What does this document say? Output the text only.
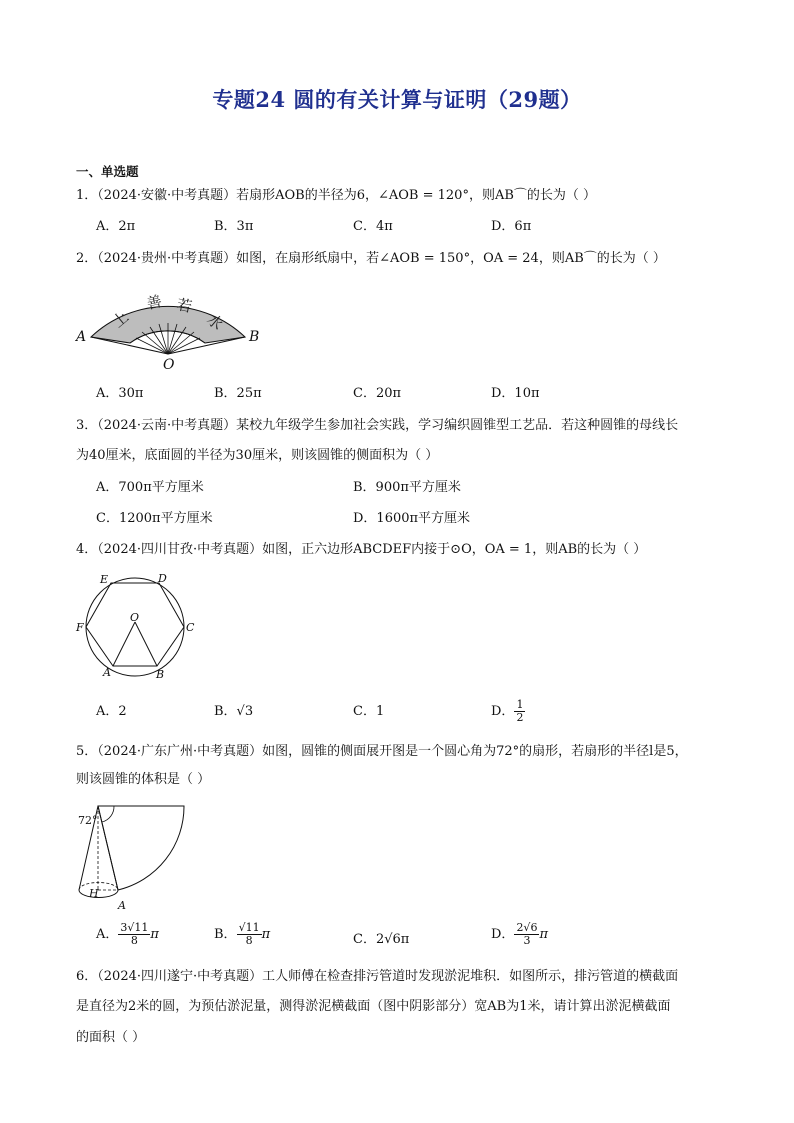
专题24 圆的有关计算与证明（29题）
一、单选题
1．（2024·安徽·中考真题）若扇形AOB的半径为6，∠AOB = 120°，则AB⌒的长为（ ）
A．2π	B．3π	C．4π	D．6π
2．（2024·贵州·中考真题）如图，在扇形纸扇中，若∠AOB = 150°，OA = 24，则AB⌒的长为（ ）
上
善 若
水
A	B
O
A．30π	B．25π	C．20π	D．10π
3．（2024·云南·中考真题）某校九年级学生参加社会实践，学习编织圆锥型工艺品．若这种圆锥的母线长
为40厘米，底面圆的半径为30厘米，则该圆锥的侧面积为（ ）
A．700π平方厘米	B．900π平方厘米
C．1200π平方厘米	D．1600π平方厘米
4．（2024·四川甘孜·中考真题）如图，正六边形ABCDEF内接于⊙O，OA = 1，则AB的长为（ ）
E	D
F	C
O
A	B
A．2	B．√3	C．1	D． $\frac{1}{2}$
5．（2024·广东广州·中考真题）如图，圆锥的侧面展开图是一个圆心角为72°的扇形，若扇形的半径l是5，
则该圆锥的体积是（ ）
72°
H
A
A． $\frac{3√11}{8}$ π	B． $\frac{√11}{8}$ π	C．2√6π	D． $\frac{2√6}{3}$ π
6．（2024·四川遂宁·中考真题）工人师傅在检查排污管道时发现淤泥堆积．如图所示，排污管道的横截面
是直径为2米的圆，为预估淤泥量，测得淤泥横截面（图中阴影部分）宽AB为1米，请计算出淤泥横截面
的面积（ ）
